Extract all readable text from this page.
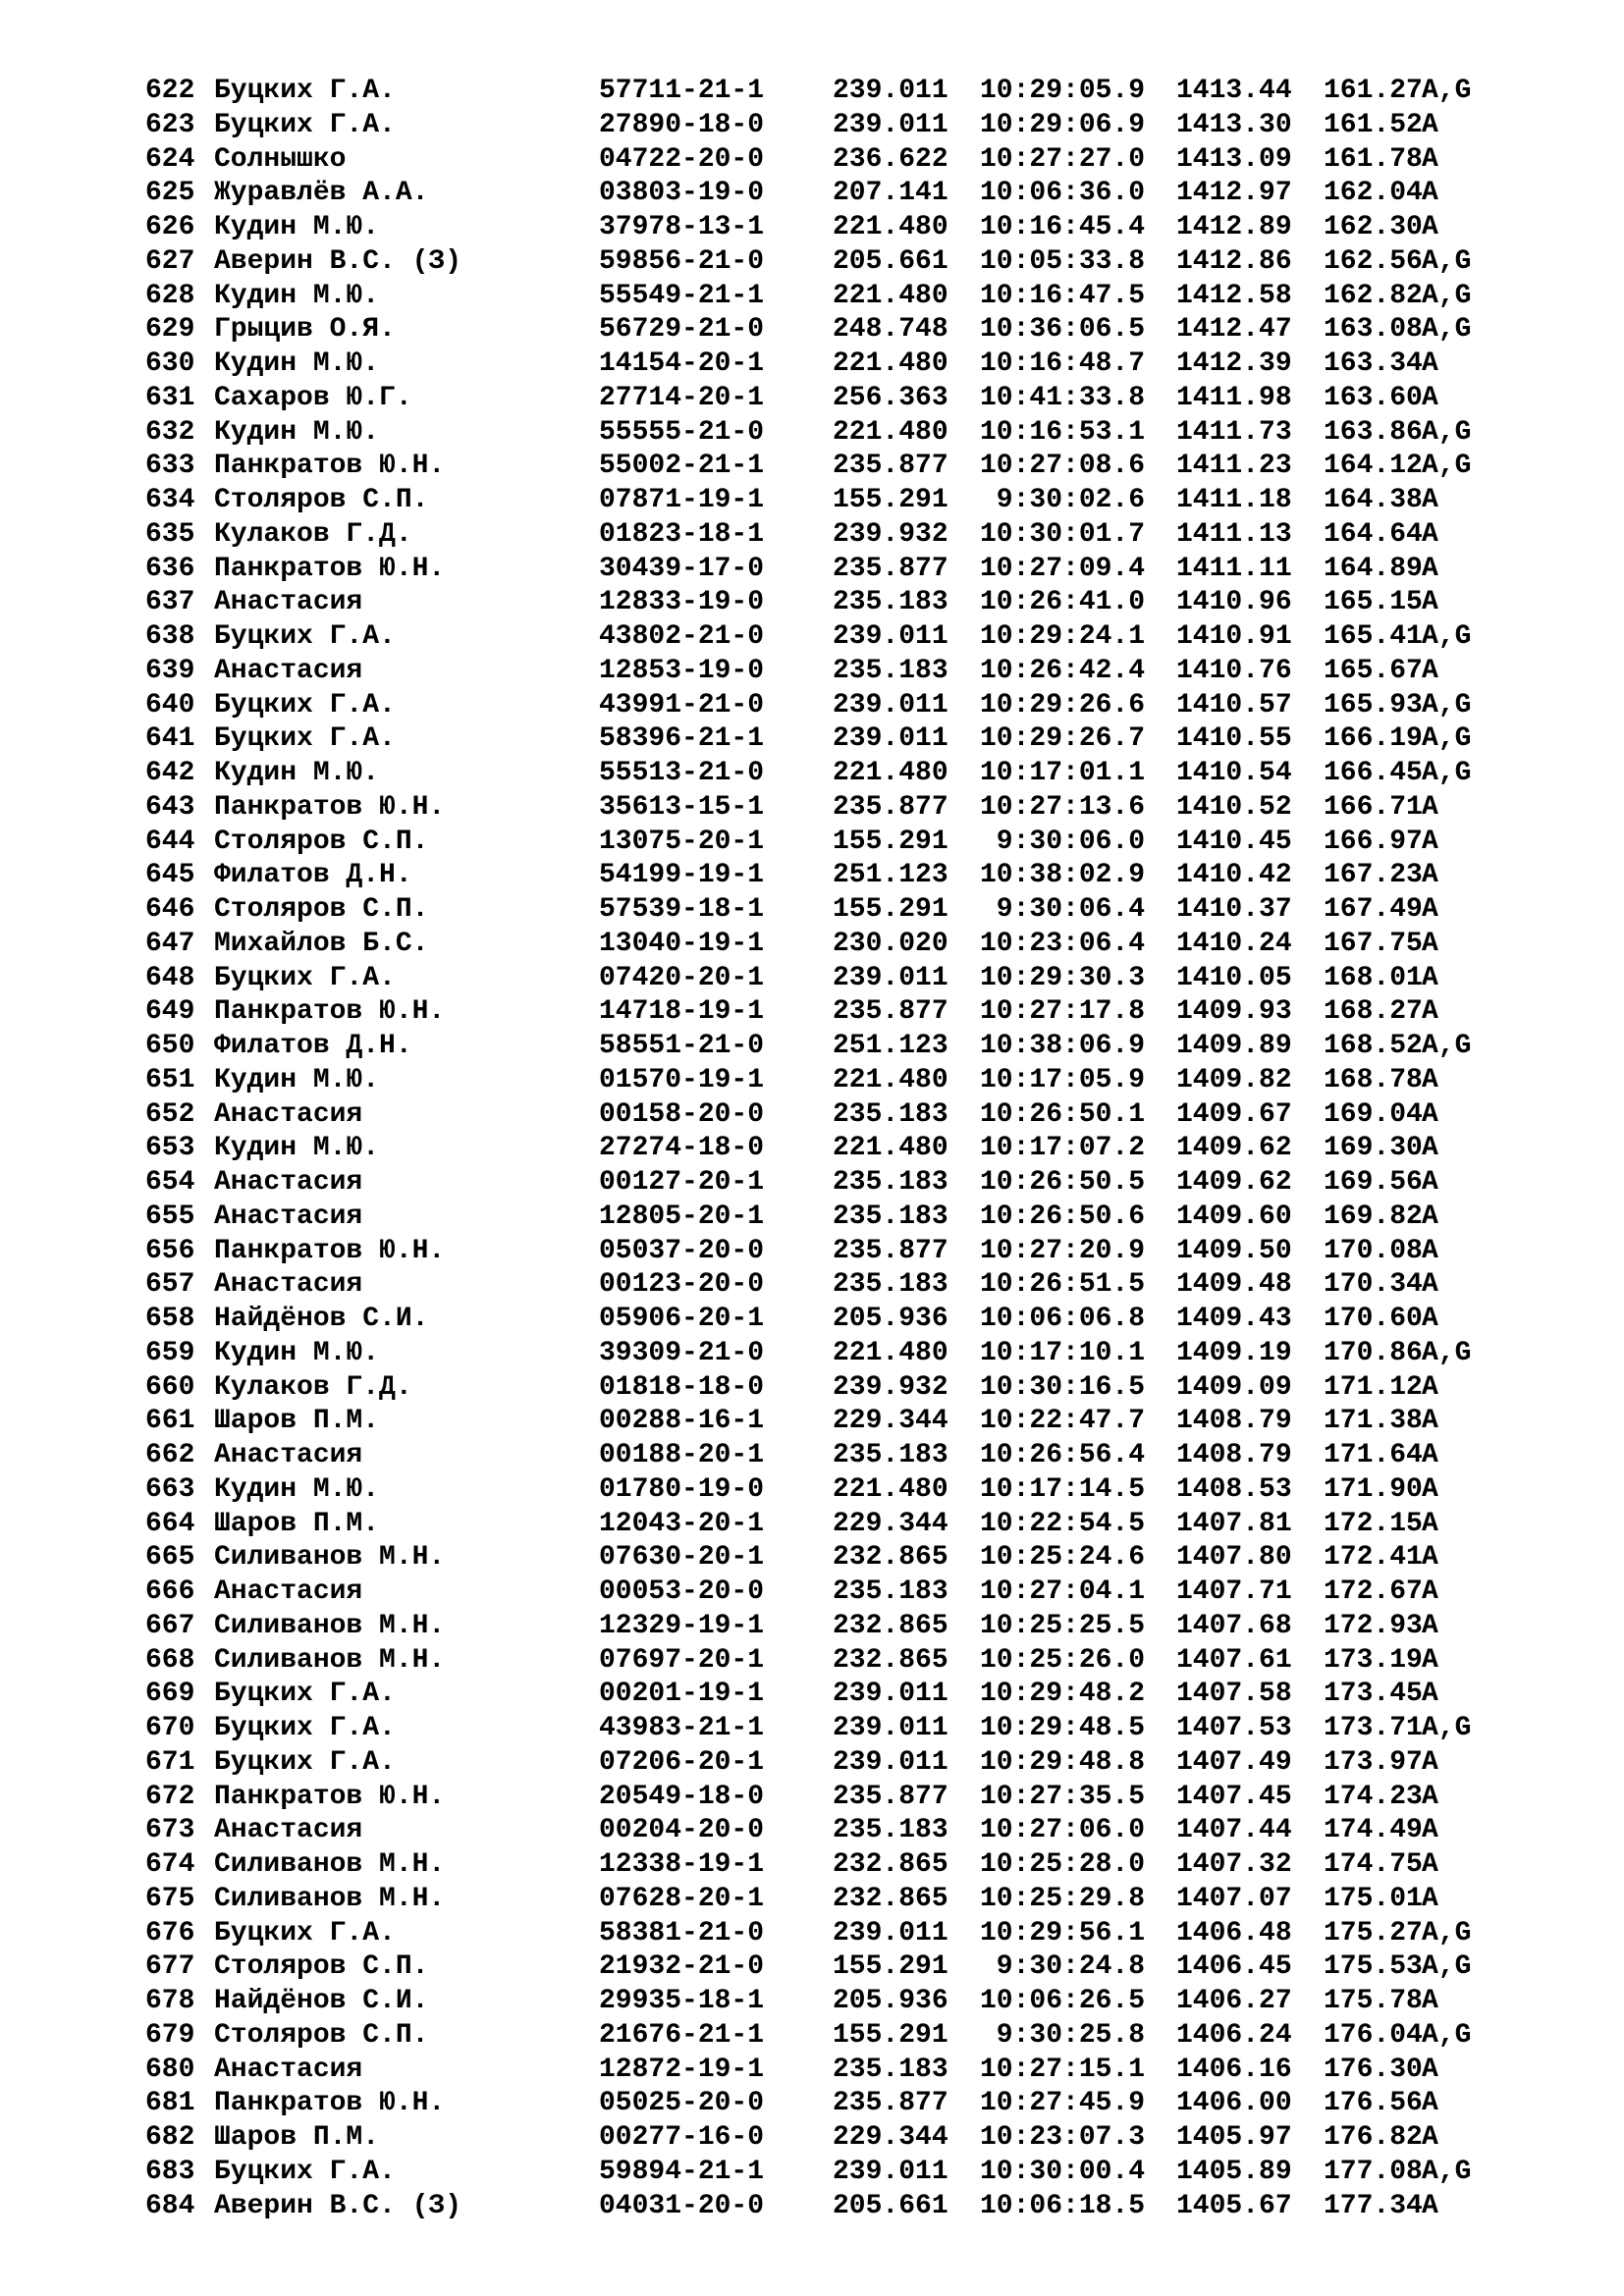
622 Буцких Г.А.	57711-21-1 239.011 10:29:05.9 1413.44 161.27 A,G
623 Буцких Г.А.	27890-18-0 239.011 10:29:06.9 1413.30 161.52 A
624 Солнышко	04722-20-0 236.622 10:27:27.0 1413.09 161.78 A
625 Журавлёв А.А.	03803-19-0 207.141 10:06:36.0 1412.97 162.04 A
626 Кудин М.Ю.	37978-13-1 221.480 10:16:45.4 1412.89 162.30 A
627 Аверин В.С. (З)	59856-21-0 205.661 10:05:33.8 1412.86 162.56 A,G
628 Кудин М.Ю.	55549-21-1 221.480 10:16:47.5 1412.58 162.82 A,G
629 Грыцив О.Я.	56729-21-0 248.748 10:36:06.5 1412.47 163.08 A,G
630 Кудин М.Ю.	14154-20-1 221.480 10:16:48.7 1412.39 163.34 A
631 Сахаров Ю.Г.	27714-20-1 256.363 10:41:33.8 1411.98 163.60 A
632 Кудин М.Ю.	55555-21-0 221.480 10:16:53.1 1411.73 163.86 A,G
633 Панкратов Ю.Н.	55002-21-1 235.877 10:27:08.6 1411.23 164.12 A,G
634 Столяров С.П.	07871-19-1 155.291 9:30:02.6 1411.18 164.38 A
635 Кулаков Г.Д.	01823-18-1 239.932 10:30:01.7 1411.13 164.64 A
636 Панкратов Ю.Н.	30439-17-0 235.877 10:27:09.4 1411.11 164.89 A
637 Анастасия	12833-19-0 235.183 10:26:41.0 1410.96 165.15 A
638 Буцких Г.А.	43802-21-0 239.011 10:29:24.1 1410.91 165.41 A,G
639 Анастасия	12853-19-0 235.183 10:26:42.4 1410.76 165.67 A
640 Буцких Г.А.	43991-21-0 239.011 10:29:26.6 1410.57 165.93 A,G
641 Буцких Г.А.	58396-21-1 239.011 10:29:26.7 1410.55 166.19 A,G
642 Кудин М.Ю.	55513-21-0 221.480 10:17:01.1 1410.54 166.45 A,G
643 Панкратов Ю.Н.	35613-15-1 235.877 10:27:13.6 1410.52 166.71 A
644 Столяров С.П.	13075-20-1 155.291 9:30:06.0 1410.45 166.97 A
645 Филатов Д.Н.	54199-19-1 251.123 10:38:02.9 1410.42 167.23 A
646 Столяров С.П.	57539-18-1 155.291 9:30:06.4 1410.37 167.49 A
647 Михайлов Б.С.	13040-19-1 230.020 10:23:06.4 1410.24 167.75 A
648 Буцких Г.А.	07420-20-1 239.011 10:29:30.3 1410.05 168.01 A
649 Панкратов Ю.Н.	14718-19-1 235.877 10:27:17.8 1409.93 168.27 A
650 Филатов Д.Н.	58551-21-0 251.123 10:38:06.9 1409.89 168.52 A,G
651 Кудин М.Ю.	01570-19-1 221.480 10:17:05.9 1409.82 168.78 A
652 Анастасия	00158-20-0 235.183 10:26:50.1 1409.67 169.04 A
653 Кудин М.Ю.	27274-18-0 221.480 10:17:07.2 1409.62 169.30 A
654 Анастасия	00127-20-1 235.183 10:26:50.5 1409.62 169.56 A
655 Анастасия	12805-20-1 235.183 10:26:50.6 1409.60 169.82 A
656 Панкратов Ю.Н.	05037-20-0 235.877 10:27:20.9 1409.50 170.08 A
657 Анастасия	00123-20-0 235.183 10:26:51.5 1409.48 170.34 A
658 Найдёнов С.И.	05906-20-1 205.936 10:06:06.8 1409.43 170.60 A
659 Кудин М.Ю.	39309-21-0 221.480 10:17:10.1 1409.19 170.86 A,G
660 Кулаков Г.Д.	01818-18-0 239.932 10:30:16.5 1409.09 171.12 A
661 Шаров П.М.	00288-16-1 229.344 10:22:47.7 1408.79 171.38 A
662 Анастасия	00188-20-1 235.183 10:26:56.4 1408.79 171.64 A
663 Кудин М.Ю.	01780-19-0 221.480 10:17:14.5 1408.53 171.90 A
664 Шаров П.М.	12043-20-1 229.344 10:22:54.5 1407.81 172.15 A
665 Силиванов М.Н.	07630-20-1 232.865 10:25:24.6 1407.80 172.41 A
666 Анастасия	00053-20-0 235.183 10:27:04.1 1407.71 172.67 A
667 Силиванов М.Н.	12329-19-1 232.865 10:25:25.5 1407.68 172.93 A
668 Силиванов М.Н.	07697-20-1 232.865 10:25:26.0 1407.61 173.19 A
669 Буцких Г.А.	00201-19-1 239.011 10:29:48.2 1407.58 173.45 A
670 Буцких Г.А.	43983-21-1 239.011 10:29:48.5 1407.53 173.71 A,G
671 Буцких Г.А.	07206-20-1 239.011 10:29:48.8 1407.49 173.97 A
672 Панкратов Ю.Н.	20549-18-0 235.877 10:27:35.5 1407.45 174.23 A
673 Анастасия	00204-20-0 235.183 10:27:06.0 1407.44 174.49 A
674 Силиванов М.Н.	12338-19-1 232.865 10:25:28.0 1407.32 174.75 A
675 Силиванов М.Н.	07628-20-1 232.865 10:25:29.8 1407.07 175.01 A
676 Буцких Г.А.	58381-21-0 239.011 10:29:56.1 1406.48 175.27 A,G
677 Столяров С.П.	21932-21-0 155.291 9:30:24.8 1406.45 175.53 A,G
678 Найдёнов С.И.	29935-18-1 205.936 10:06:26.5 1406.27 175.78 A
679 Столяров С.П.	21676-21-1 155.291 9:30:25.8 1406.24 176.04 A,G
680 Анастасия	12872-19-1 235.183 10:27:15.1 1406.16 176.30 A
681 Панкратов Ю.Н.	05025-20-0 235.877 10:27:45.9 1406.00 176.56 A
682 Шаров П.М.	00277-16-0 229.344 10:23:07.3 1405.97 176.82 A
683 Буцких Г.А.	59894-21-1 239.011 10:30:00.4 1405.89 177.08 A,G
684 Аверин В.С. (З)	04031-20-0 205.661 10:06:18.5 1405.67 177.34 A
